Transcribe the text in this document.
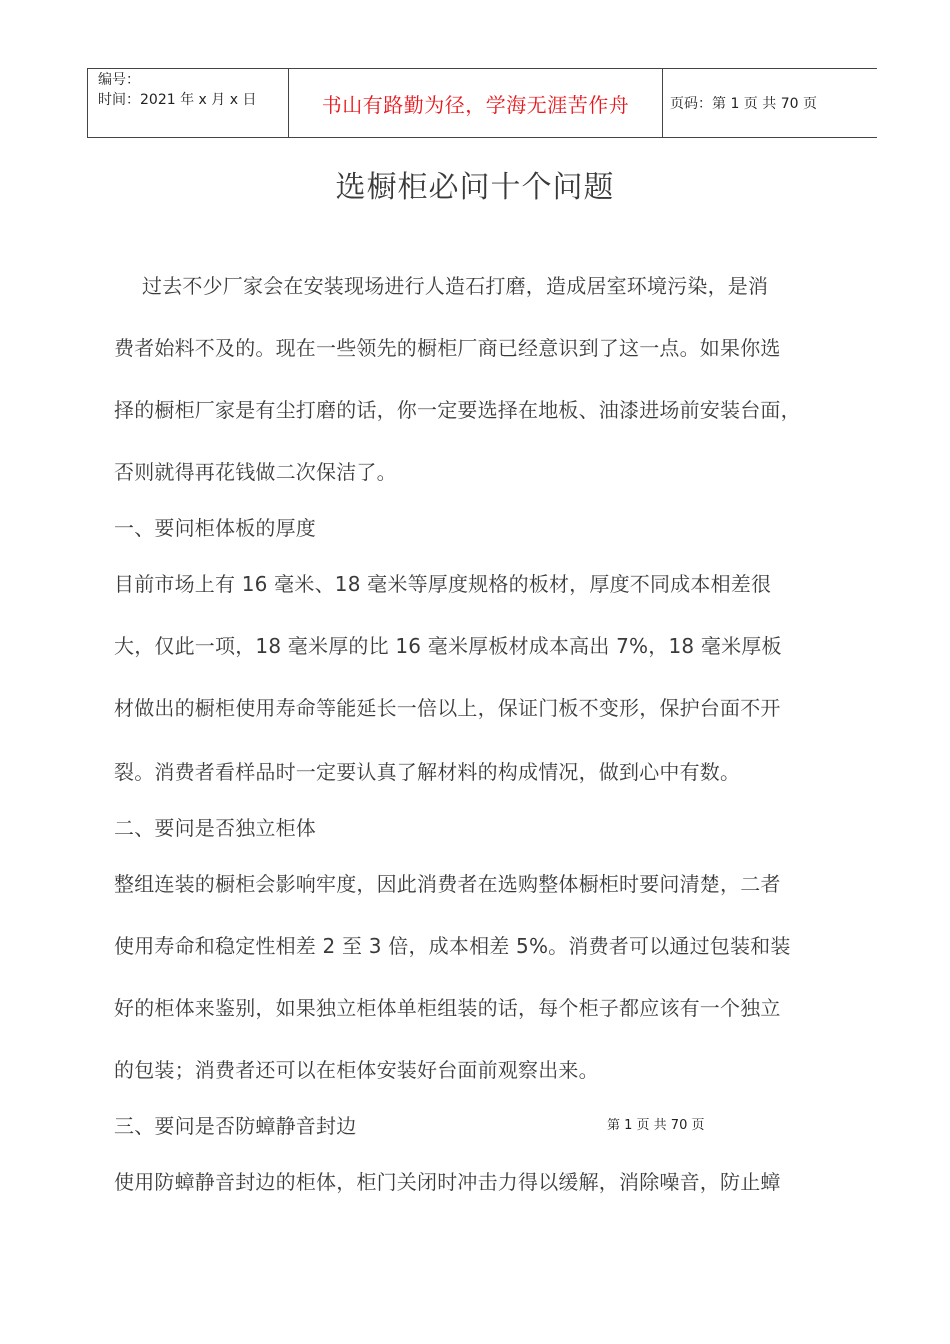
编号：
时间：2021 年 x 月 x 日	书山有路勤为径，学海无涯苦作舟	页码：第 1 页 共 70 页
选橱柜必问十个问题
过去不少厂家会在安装现场进行人造石打磨，造成居室环境污染，是消
费者始料不及的。现在一些领先的橱柜厂商已经意识到了这一点。如果你选
择的橱柜厂家是有尘打磨的话，你一定要选择在地板、油漆进场前安装台面，
否则就得再花钱做二次保洁了。
一、要问柜体板的厚度
目前市场上有 16 毫米、18 毫米等厚度规格的板材，厚度不同成本相差很
大，仅此一项，18 毫米厚的比 16 毫米厚板材成本高出 7%，18 毫米厚板
材做出的橱柜使用寿命等能延长一倍以上，保证门板不变形，保护台面不开
裂。消费者看样品时一定要认真了解材料的构成情况，做到心中有数。
二、要问是否独立柜体
整组连装的橱柜会影响牢度，因此消费者在选购整体橱柜时要问清楚，二者
使用寿命和稳定性相差 2 至 3 倍，成本相差 5%。消费者可以通过包装和装
好的柜体来鉴别，如果独立柜体单柜组装的话，每个柜子都应该有一个独立
的包装；消费者还可以在柜体安装好台面前观察出来。
三、要问是否防蟑静音封边
使用防蟑静音封边的柜体，柜门关闭时冲击力得以缓解，消除噪音，防止蟑
第 1 页 共 70 页
